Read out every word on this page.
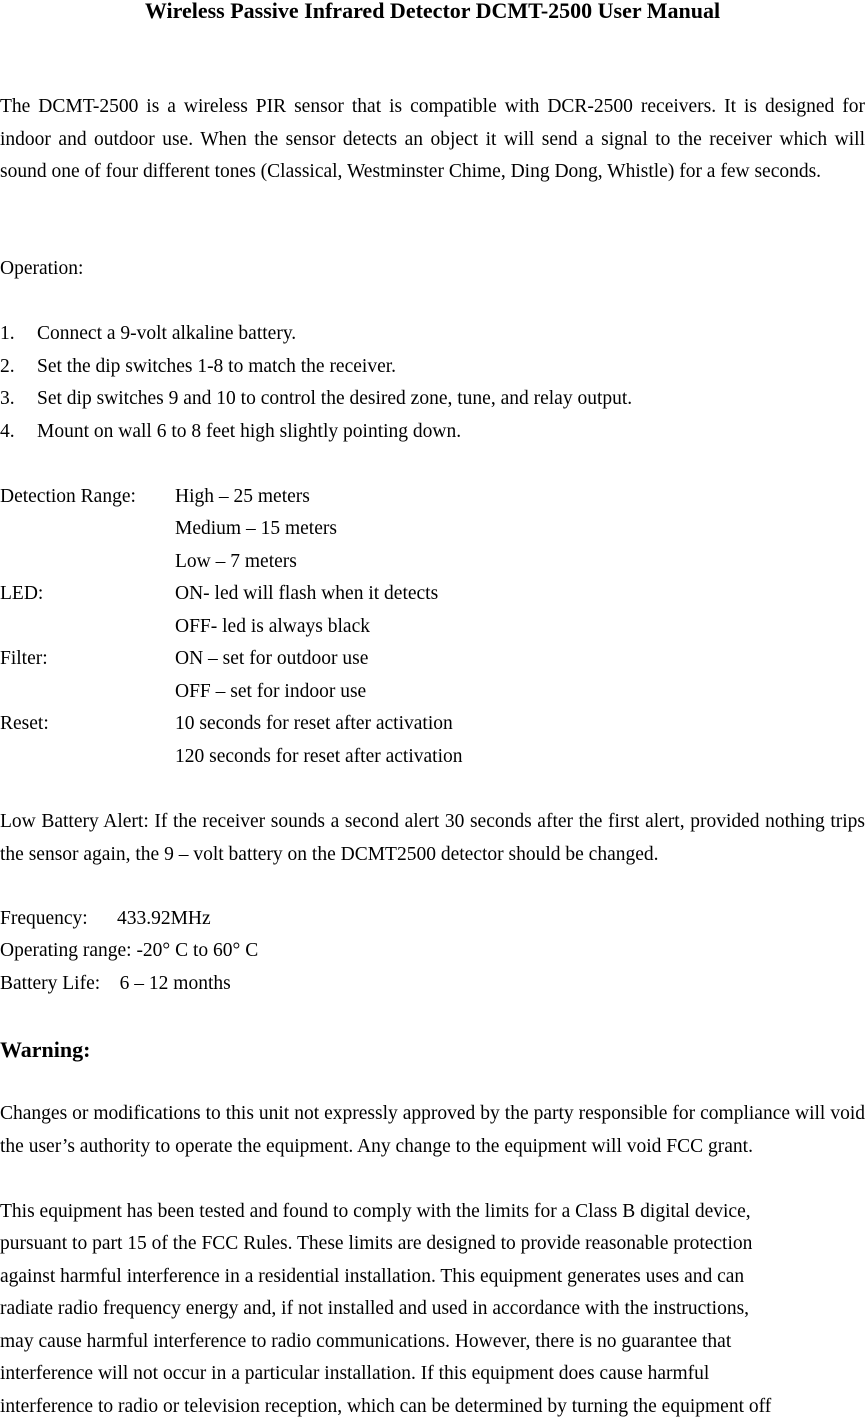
Wireless Passive Infrared Detector DCMT-2500 User Manual
The DCMT-2500 is a wireless PIR sensor that is compatible with DCR-2500 receivers. It is designed for indoor and outdoor use. When the sensor detects an object it will send a signal to the receiver which will sound one of four different tones (Classical, Westminster Chime, Ding Dong, Whistle) for a few seconds.
Operation:
1. Connect a 9-volt alkaline battery.
2. Set the dip switches 1-8 to match the receiver.
3. Set dip switches 9 and 10 to control the desired zone, tune, and relay output.
4. Mount on wall 6 to 8 feet high slightly pointing down.
Detection Range: High – 25 meters
Medium – 15 meters
Low – 7 meters
LED:	ON- led will flash when it detects
OFF- led is always black
Filter:	ON – set for outdoor use
OFF – set for indoor use
Reset:	10 seconds for reset after activation
120 seconds for reset after activation
Low Battery Alert: If the receiver sounds a second alert 30 seconds after the first alert, provided nothing trips the sensor again, the 9 – volt battery on the DCMT2500 detector should be changed.
Frequency:      433.92MHz
Operating range: -20° C to 60° C
Battery Life:    6 – 12 months
Warning:
Changes or modifications to this unit not expressly approved by the party responsible for compliance will void the user’s authority to operate the equipment. Any change to the equipment will void FCC grant.
This equipment has been tested and found to comply with the limits for a Class B digital device,
pursuant to part 15 of the FCC Rules. These limits are designed to provide reasonable protection
against harmful interference in a residential installation. This equipment generates uses and can
radiate radio frequency energy and, if not installed and used in accordance with the instructions,
may cause harmful interference to radio communications. However, there is no guarantee that
interference will not occur in a particular installation. If this equipment does cause harmful
interference to radio or television reception, which can be determined by turning the equipment off
